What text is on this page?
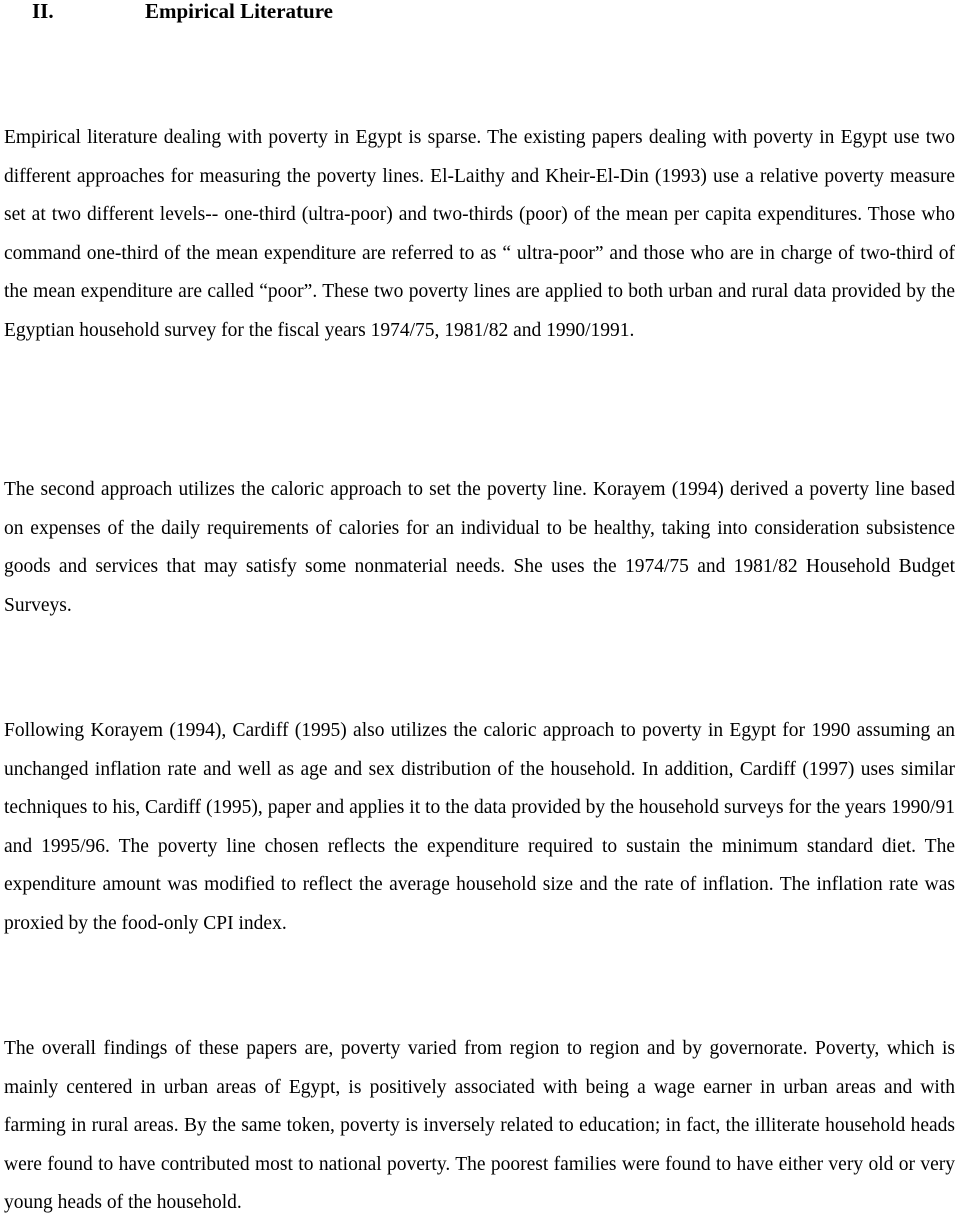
II.	Empirical Literature

Empirical literature dealing with poverty in Egypt is sparse. The existing papers dealing with poverty in Egypt use two different approaches for measuring the poverty lines. El-Laithy and Kheir-El-Din (1993) use a relative poverty measure set at two different levels-- one-third (ultra-poor) and two-thirds (poor) of the mean per capita expenditures. Those who command one-third of the mean expenditure are referred to as “ ultra-poor” and those who are in charge of two-third of the mean expenditure are called “poor”. These two poverty lines are applied to both urban and rural data provided by the Egyptian household survey for the fiscal years 1974/75, 1981/82 and 1990/1991.

The second approach utilizes the caloric approach to set the poverty line. Korayem (1994) derived a poverty line based on expenses of the daily requirements of calories for an individual to be healthy, taking into consideration subsistence goods and services that may satisfy some nonmaterial needs. She uses the 1974/75 and 1981/82 Household Budget Surveys.

Following Korayem (1994), Cardiff (1995) also utilizes the caloric approach to poverty in Egypt for 1990 assuming an unchanged inflation rate and well as age and sex distribution of the household. In addition, Cardiff (1997) uses similar techniques to his, Cardiff (1995), paper and applies it to the data provided by the household surveys for the years 1990/91 and 1995/96. The poverty line chosen reflects the expenditure required to sustain the minimum standard diet. The expenditure amount was modified to reflect the average household size and the rate of inflation. The inflation rate was proxied by the food-only CPI index.

The overall findings of these papers are, poverty varied from region to region and by governorate. Poverty, which is mainly centered in urban areas of Egypt, is positively associated with being a wage earner in urban areas and with farming in rural areas. By the same token, poverty is inversely related to education; in fact, the illiterate household heads were found to have contributed most to national poverty. The poorest families were found to have either very old or very young heads of the household.
